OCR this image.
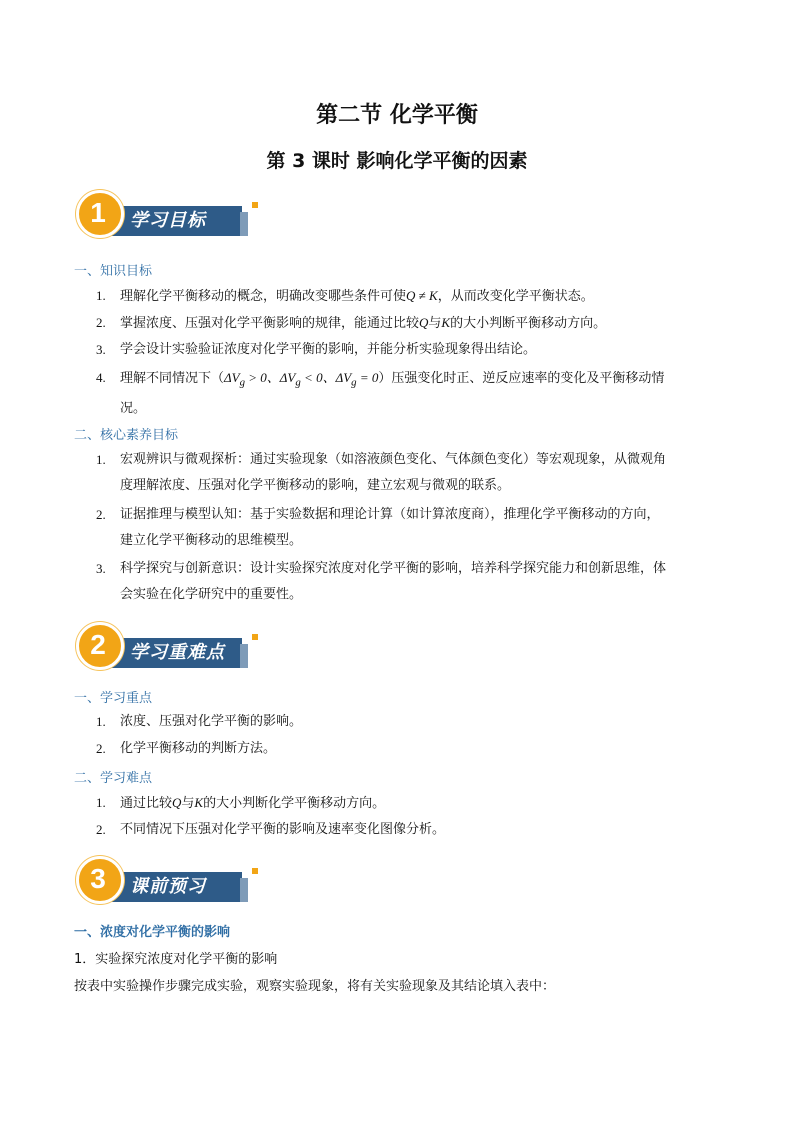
第二节 化学平衡
第 3 课时 影响化学平衡的因素
1	学习目标
一、知识目标
1.	理解化学平衡移动的概念，明确改变哪些条件可使Q ≠ K，从而改变化学平衡状态。
2.	掌握浓度、压强对化学平衡影响的规律，能通过比较Q与K的大小判断平衡移动方向。
3.	学会设计实验验证浓度对化学平衡的影响，并能分析实验现象得出结论。
4.	理解不同情况下（$\Delta V_g > 0$、$\Delta V_g < 0$、$\Delta V_g = 0$）压强变化时正、逆反应速率的变化及平衡移动情
况。
二、核心素养目标
1.	宏观辨识与微观探析：通过实验现象（如溶液颜色变化、气体颜色变化）等宏观现象，从微观角
度理解浓度、压强对化学平衡移动的影响，建立宏观与微观的联系。
2.	证据推理与模型认知：基于实验数据和理论计算（如计算浓度商），推理化学平衡移动的方向，
建立化学平衡移动的思维模型。
3.	科学探究与创新意识：设计实验探究浓度对化学平衡的影响，培养科学探究能力和创新思维，体
会实验在化学研究中的重要性。
2	学习重难点
一、学习重点
1.	浓度、压强对化学平衡的影响。
2.	化学平衡移动的判断方法。
二、学习难点
1.	通过比较Q与K的大小判断化学平衡移动方向。
2.	不同情况下压强对化学平衡的影响及速率变化图像分析。
3	课前预习
一、浓度对化学平衡的影响
1．实验探究浓度对化学平衡的影响
按表中实验操作步骤完成实验，观察实验现象，将有关实验现象及其结论填入表中：
